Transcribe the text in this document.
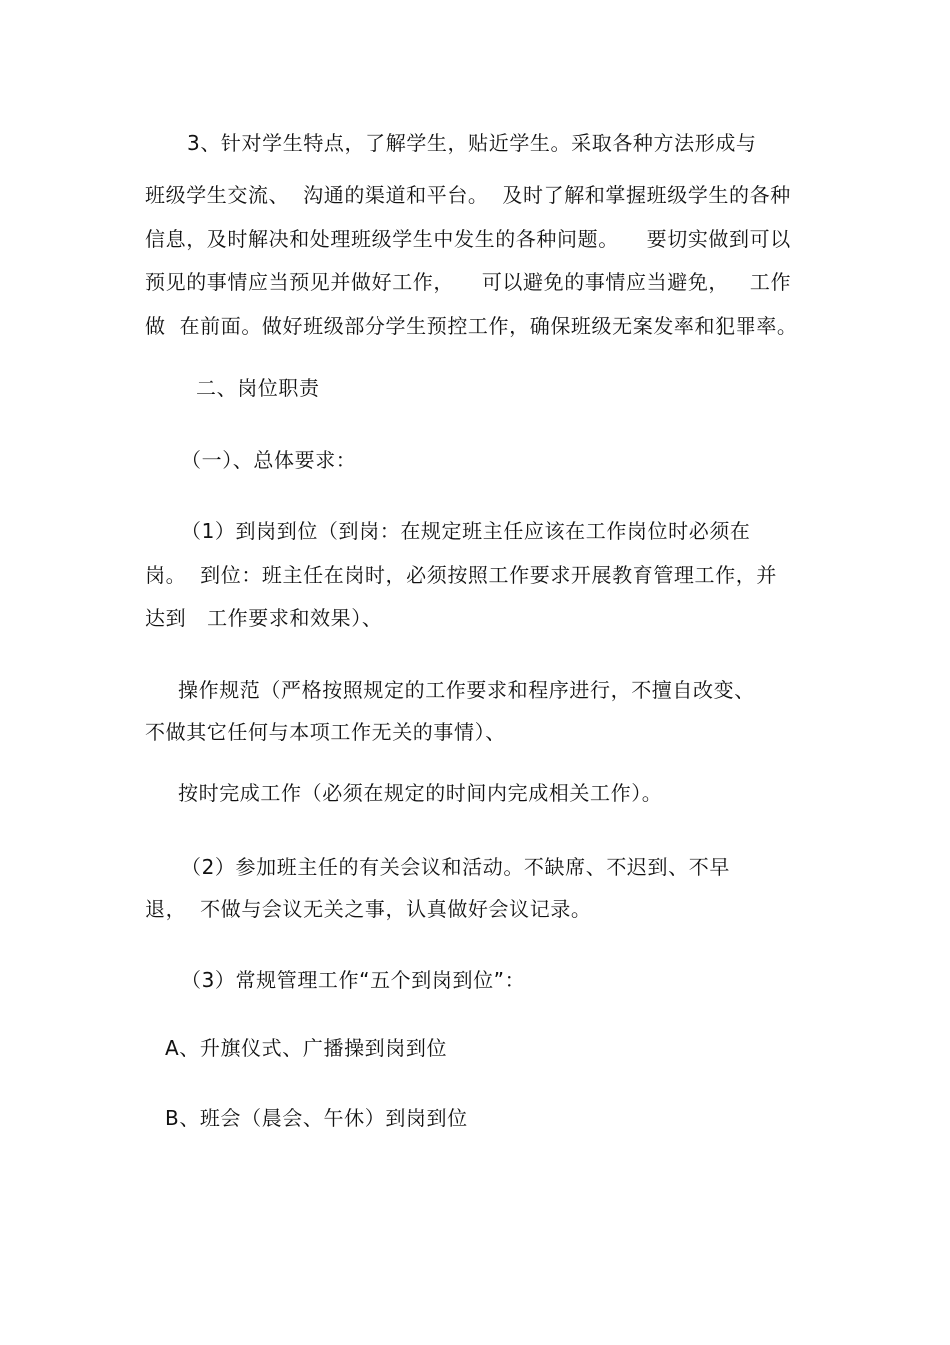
3、针对学生特点，了解学生，贴近学生。采取各种方法形成与
班级学生交流、  沟通的渠道和平台。  及时了解和掌握班级学生的各种
信息，及时解决和处理班级学生中发生的各种问题。    要切实做到可以
预见的事情应当预见并做好工作，    可以避免的事情应当避免，   工作
做  在前面。做好班级部分学生预控工作，确保班级无案发率和犯罪率。
二、岗位职责
（一）、总体要求：
（1）到岗到位（到岗：在规定班主任应该在工作岗位时必须在
岗。  到位：班主任在岗时，必须按照工作要求开展教育管理工作，并
达到   工作要求和效果）、
操作规范（严格按照规定的工作要求和程序进行，不擅自改变、
不做其它任何与本项工作无关的事情）、
按时完成工作（必须在规定的时间内完成相关工作）。
（2）参加班主任的有关会议和活动。不缺席、不迟到、不早
退，  不做与会议无关之事，认真做好会议记录。
（3）常规管理工作“五个到岗到位”：
A、升旗仪式、广播操到岗到位
B、班会（晨会、午休）到岗到位
